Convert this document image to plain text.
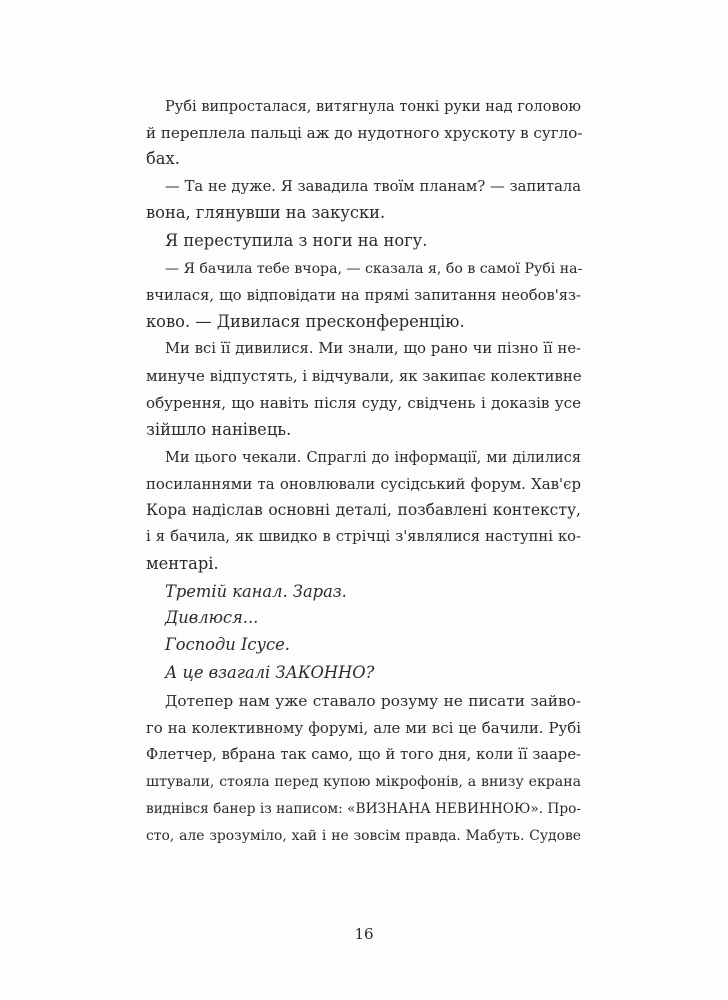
Рубі випросталася, витягнула тонкі руки над головою
й переплела пальці аж до нудотного хрускоту в сугло-
бах.
— Та не дуже. Я завадила твоїм планам? — запитала
вона, глянувши на закуски.
Я переступила з ноги на ногу.
— Я бачила тебе вчора, — сказала я, бо в самої Рубі на-
вчилася, що відповідати на прямі запитання необов'яз-
ково. — Дивилася пресконференцію.
Ми всі її дивилися. Ми знали, що рано чи пізно її не-
минуче відпустять, і відчували, як закипає колективне
обурення, що навіть після суду, свідчень і доказів усе
зійшло нанівець.
Ми цього чекали. Спраглі до інформації, ми ділилися
посиланнями та оновлювали сусідський форум. Хав'єр
Кора надіслав основні деталі, позбавлені контексту,
і я бачила, як швидко в стрічці з'являлися наступні ко-
ментарі.
Третій канал. Зараз.
Дивлюся...
Господи Ісусе.
А це взагалі ЗАКОННО?
Дотепер нам уже ставало розуму не писати зайво-
го на колективному форумі, але ми всі це бачили. Рубі
Флетчер, вбрана так само, що й того дня, коли її зааре-
штували, стояла перед купою мікрофонів, а внизу екрана
виднівся банер із написом: «ВИЗНАНА НЕВИННОЮ». Про-
сто, але зрозуміло, хай і не зовсім правда. Мабуть. Судове
16
